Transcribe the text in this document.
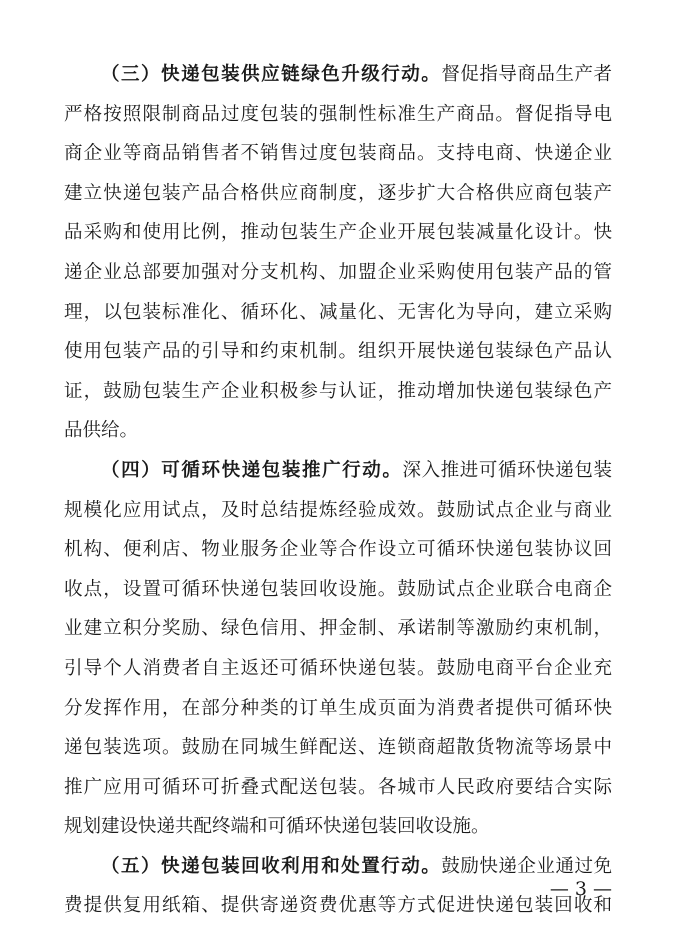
（三）快递包装供应链绿色升级行动。督促指导商品生产者
严格按照限制商品过度包装的强制性标准生产商品。督促指导电
商企业等商品销售者不销售过度包装商品。支持电商、快递企业
建立快递包装产品合格供应商制度，逐步扩大合格供应商包装产
品采购和使用比例，推动包装生产企业开展包装减量化设计。快
递企业总部要加强对分支机构、加盟企业采购使用包装产品的管
理，以包装标准化、循环化、减量化、无害化为导向，建立采购
使用包装产品的引导和约束机制。组织开展快递包装绿色产品认
证，鼓励包装生产企业积极参与认证，推动增加快递包装绿色产
品供给。
（四）可循环快递包装推广行动。深入推进可循环快递包装
规模化应用试点，及时总结提炼经验成效。鼓励试点企业与商业
机构、便利店、物业服务企业等合作设立可循环快递包装协议回
收点，设置可循环快递包装回收设施。鼓励试点企业联合电商企
业建立积分奖励、绿色信用、押金制、承诺制等激励约束机制，
引导个人消费者自主返还可循环快递包装。鼓励电商平台企业充
分发挥作用，在部分种类的订单生成页面为消费者提供可循环快
递包装选项。鼓励在同城生鲜配送、连锁商超散货物流等场景中
推广应用可循环可折叠式配送包装。各城市人民政府要结合实际
规划建设快递共配终端和可循环快递包装回收设施。
（五）快递包装回收利用和处置行动。鼓励快递企业通过免
费提供复用纸箱、提供寄递资费优惠等方式促进快递包装回收和
— 3 —
